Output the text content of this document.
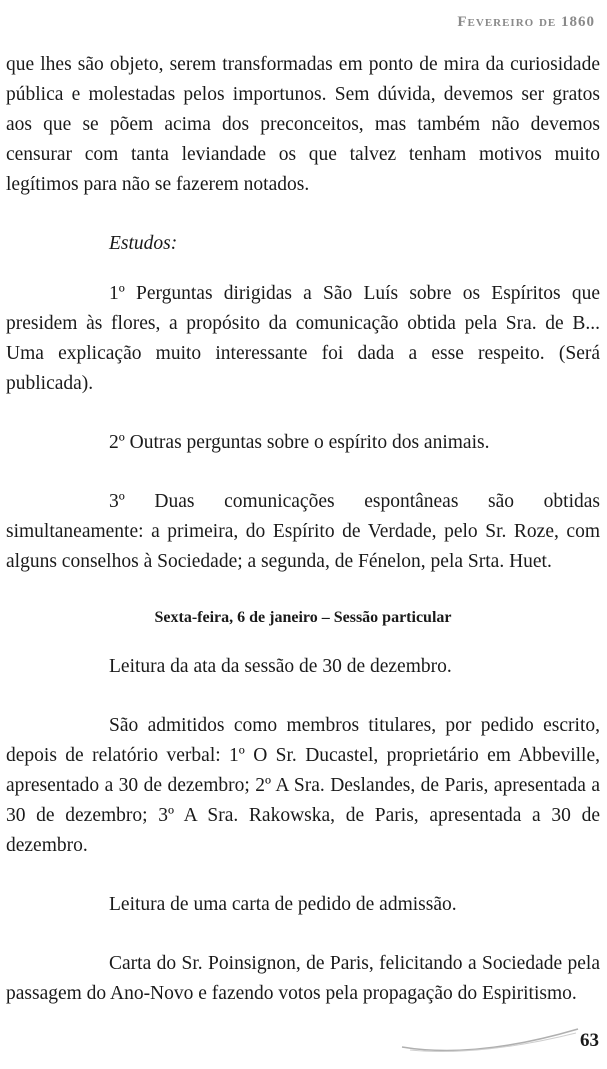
Fevereiro de 1860

que lhes são objeto, serem transformadas em ponto de mira da curiosidade pública e molestadas pelos importunos. Sem dúvida, devemos ser gratos aos que se põem acima dos preconceitos, mas também não devemos censurar com tanta leviandade os que talvez tenham motivos muito legítimos para não se fazerem notados.

Estudos:

1º Perguntas dirigidas a São Luís sobre os Espíritos que presidem às flores, a propósito da comunicação obtida pela Sra. de B... Uma explicação muito interessante foi dada a esse respeito. (Será publicada).

2º Outras perguntas sobre o espírito dos animais.

3º Duas comunicações espontâneas são obtidas simultaneamente: a primeira, do Espírito de Verdade, pelo Sr. Roze, com alguns conselhos à Sociedade; a segunda, de Fénelon, pela Srta. Huet.

Sexta-feira, 6 de janeiro – Sessão particular

Leitura da ata da sessão de 30 de dezembro.

São admitidos como membros titulares, por pedido escrito, depois de relatório verbal: 1º O Sr. Ducastel, proprietário em Abbeville, apresentado a 30 de dezembro; 2º A Sra. Deslandes, de Paris, apresentada a 30 de dezembro; 3º A Sra. Rakowska, de Paris, apresentada a 30 de dezembro.

Leitura de uma carta de pedido de admissão.

Carta do Sr. Poinsignon, de Paris, felicitando a Sociedade pela passagem do Ano-Novo e fazendo votos pela propagação do Espiritismo.

63
